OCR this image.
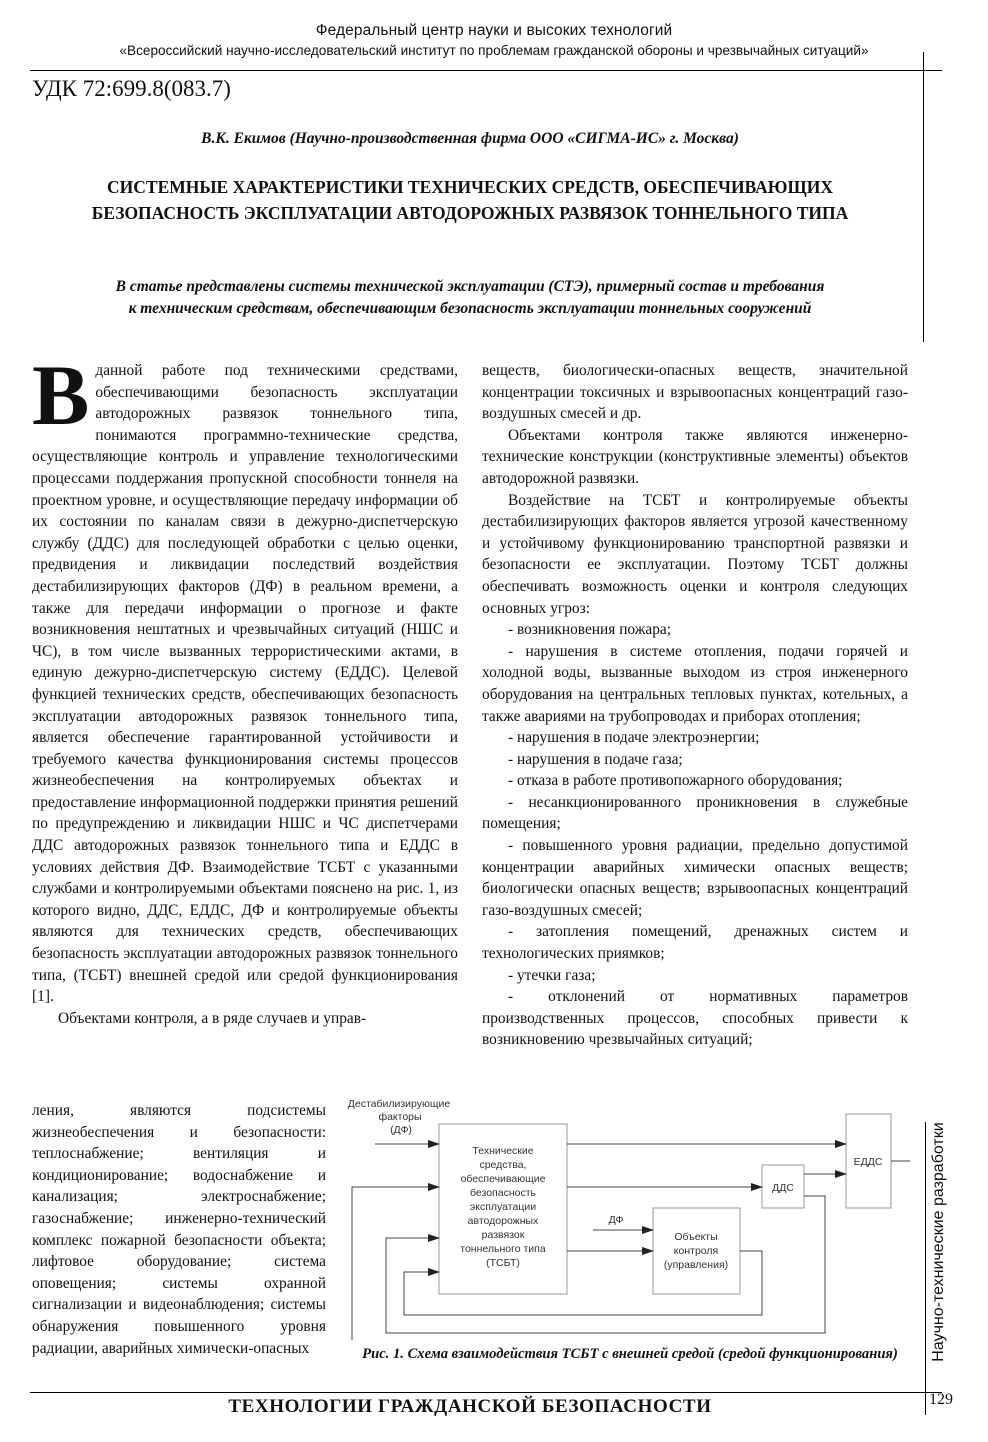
Федеральный центр науки и высоких технологий
«Всероссийский научно-исследовательский институт по проблемам гражданской обороны и чрезвычайных ситуаций»
УДК 72:699.8(083.7)
В.К. Екимов (Научно-производственная фирма ООО «СИГМА-ИС» г. Москва)
СИСТЕМНЫЕ ХАРАКТЕРИСТИКИ ТЕХНИЧЕСКИХ СРЕДСТВ, ОБЕСПЕЧИВАЮЩИХ
БЕЗОПАСНОСТЬ ЭКСПЛУАТАЦИИ АВТОДОРОЖНЫХ РАЗВЯЗОК ТОННЕЛЬНОГО ТИПА
В статье представлены системы технической эксплуатации (СТЭ), примерный состав и требования
к техническим средствам, обеспечивающим безопасность эксплуатации тоннельных сооружений

Вданной работе под техническими средствами, обеспечивающими безопасность эксплуатации автодорожных развязок тоннельного типа, понимаются программно-технические средства, осуществляющие контроль и управление технологическими процессами поддержания пропускной способности тоннеля на проектном уровне, и осуществляющие передачу информации об их состоянии по каналам связи в дежурно-диспетчерскую службу (ДДС) для последующей обработки с целью оценки, предвидения и ликвидации последствий воздействия дестабилизирующих факторов (ДФ) в реальном времени, а также для передачи информации о прогнозе и факте возникновения нештатных и чрезвычайных ситуаций (НШС и ЧС), в том числе вызванных террористическими актами, в единую дежурно-диспетчерскую систему (ЕДДС). Целевой функцией технических средств, обеспечивающих безопасность эксплуатации автодорожных развязок тоннельного типа, является обеспечение гарантированной устойчивости и требуемого качества функционирования системы процессов жизнеобеспечения на контролируемых объектах и предоставление информационной поддержки принятия решений по предупреждению и ликвидации НШС и ЧС диспетчерами ДДС автодорожных развязок тоннельного типа и ЕДДС в условиях действия ДФ. Взаимодействие ТСБТ с указанными службами и контролируемыми объектами пояснено на рис. 1, из которого видно, ДДС, ЕДДС, ДФ и контролируемые объекты являются для технических средств, обеспечивающих безопасность эксплуатации автодорожных развязок тоннельного типа, (ТСБТ) внешней средой или средой функционирования [1].

Объектами контроля, а в ряде случаев и управ-

ления, являются подсистемы жизнеобеспечения и безопасности: теплоснабжение; вентиляция и кондиционирование; водоснабжение и канализация; электроснабжение; газоснабжение; инженерно-технический комплекс пожарной безопасности объекта; лифтовое оборудование; система оповещения; системы охранной сигнализации и видеонаблюдения; системы обнаружения повышенного уровня радиации, аварийных химически-опасных

веществ, биологически-опасных веществ, значительной концентрации токсичных и взрывоопасных концентраций газо-воздушных смесей и др.

Объектами контроля также являются инженерно-технические конструкции (конструктивные элементы) объектов автодорожной развязки.

Воздействие на ТСБТ и контролируемые объекты дестабилизирующих факторов является угрозой качественному и устойчивому функционированию транспортной развязки и безопасности ее эксплуатации. Поэтому ТСБТ должны обеспечивать возможность оценки и контроля следующих основных угроз:

- возникновения пожара;

- нарушения в системе отопления, подачи горячей и холодной воды, вызванные выходом из строя инженерного оборудования на центральных тепловых пунктах, котельных, а также авариями на трубопроводах и приборах отопления;

- нарушения в подаче электроэнергии;

- нарушения в подаче газа;

- отказа в работе противопожарного оборудования;

- несанкционированного проникновения в служебные помещения;

- повышенного уровня радиации, предельно допустимой концентрации аварийных химически опасных веществ; биологически опасных веществ; взрывоопасных концентраций газо-воздушных смесей;

- затопления помещений, дренажных систем и технологических приямков;

- утечки газа;

- отклонений от нормативных параметров производственных процессов, способных привести к возникновению чрезвычайных ситуаций;

Дестабилизирующие
факторы
(ДФ)
Технические
средства,
обеспечивающие
безопасность
эксплуатации
автодорожных
развязок
тоннельного типа
(ТСБТ)
ДДС
ЕДДС
Объекты
контроля
(управления)
ДФ
Рис. 1. Схема взаимодействия ТСБТ с внешней средой (средой функционирования)	Научно-технические разработки
ТЕХНОЛОГИИ ГРАЖДАНСКОЙ БЕЗОПАСНОСТИ	129
